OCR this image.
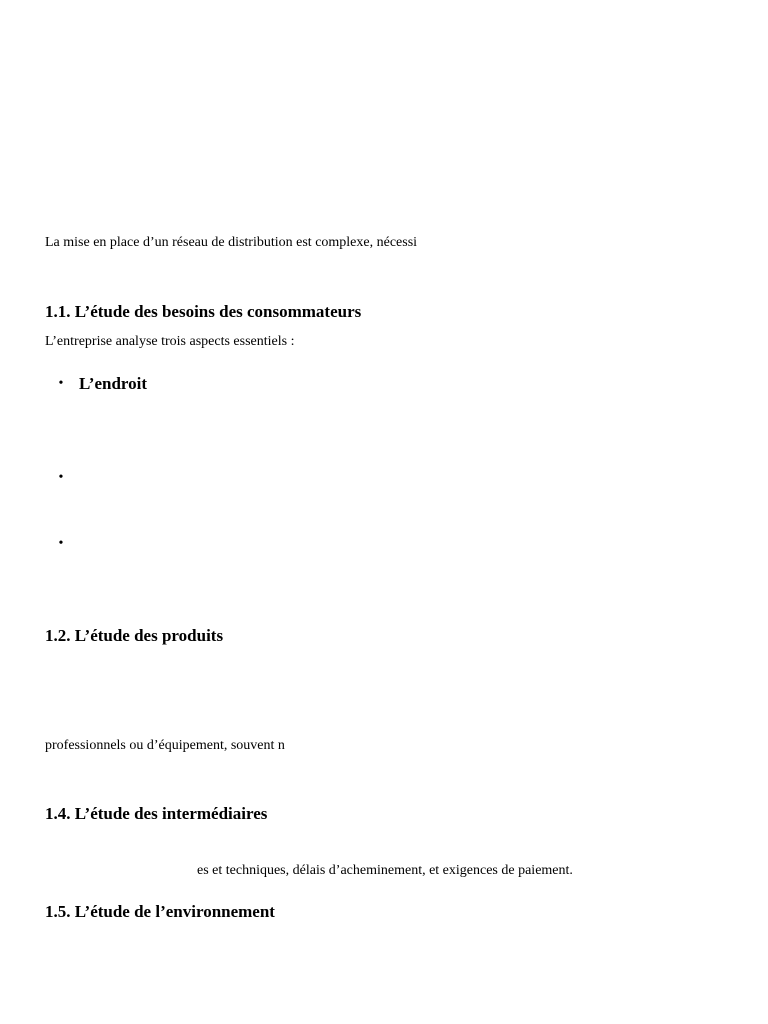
La mise en place d’un réseau de distribution est complexe, nécessi

1.1. L’étude des besoins des consommateurs

L’entreprise analyse trois aspects essentiels :

• L’endroit
•
•
1.2. L’étude des produits

professionnels ou d’équipement, souvent n

1.4. L’étude des intermédiaires

es et techniques, délais d’acheminement, et exigences de paiement.

1.5. L’étude de l’environnement
